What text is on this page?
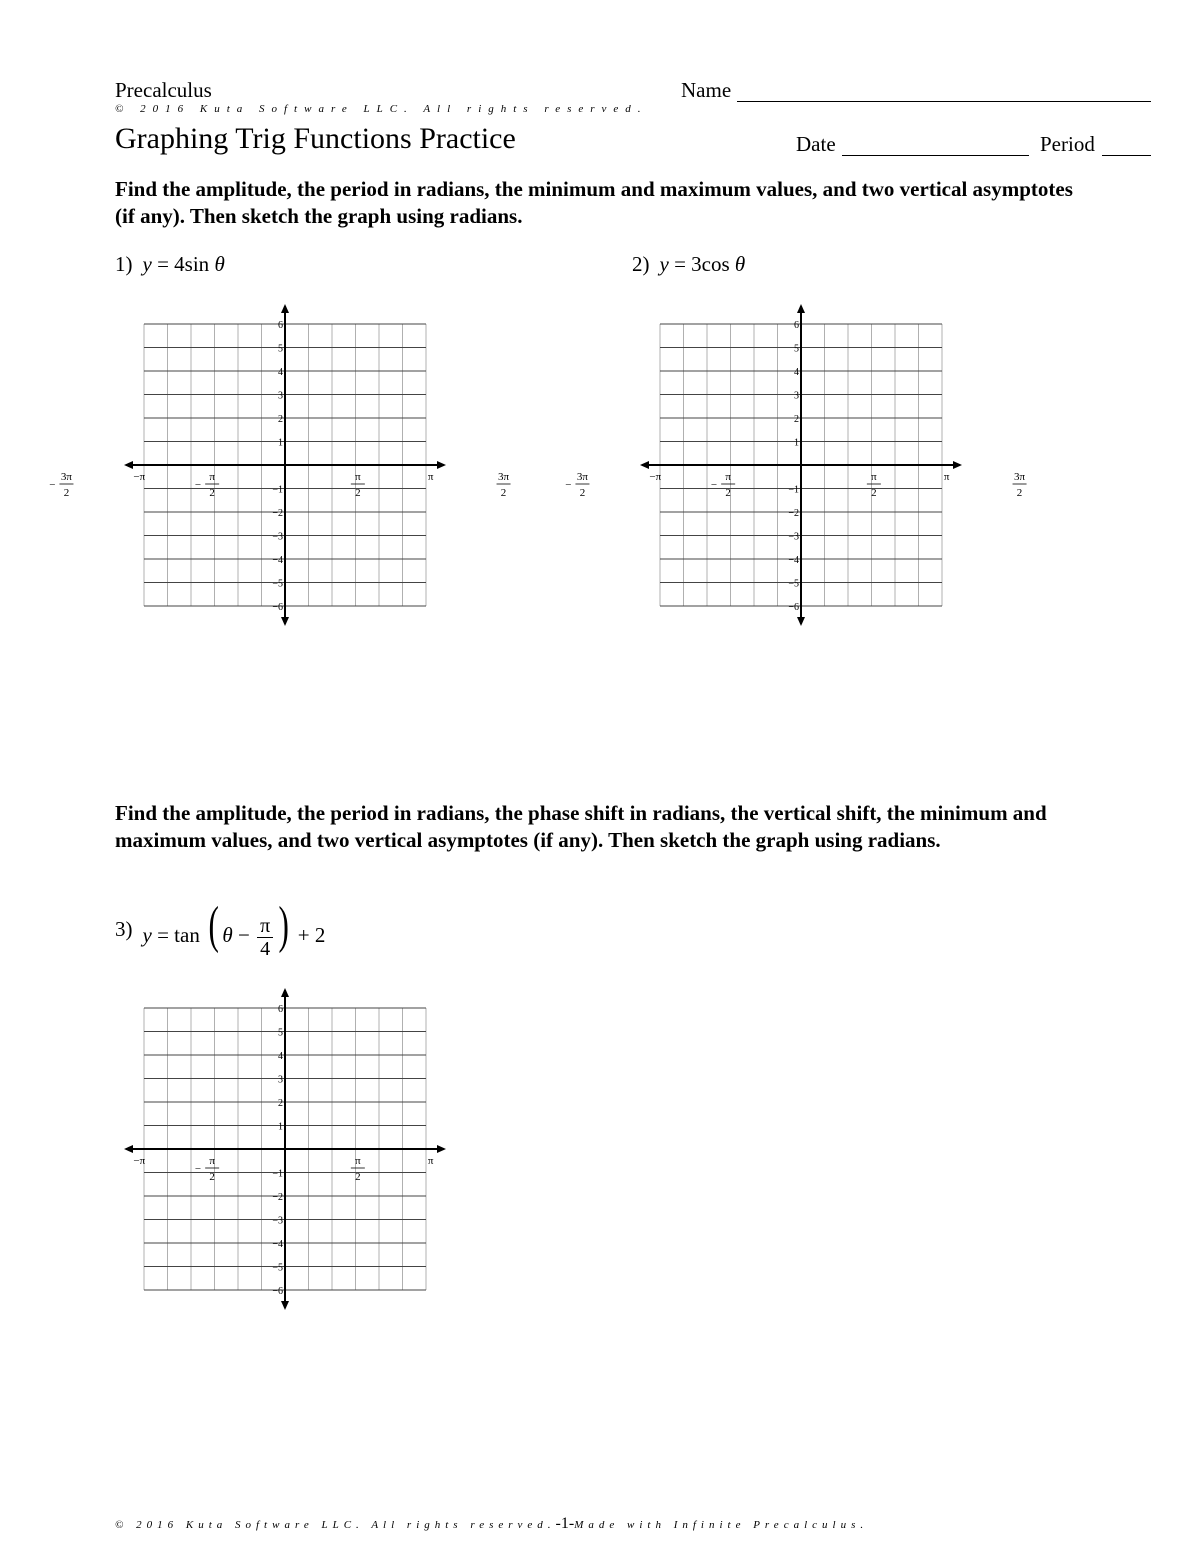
Precalculus
© 2016 Kuta Software LLC. All rights reserved.
Graphing Trig Functions Practice
Name
Date	Period
Find the amplitude, the period in radians, the minimum and maximum values, and two vertical asymptotes (if any). Then sketch the graph using radians.
1) y = 4sin θ	2) y = 3cos θ
6
5
4
3
2
1
−1
−2
−3
−4
−5
−6
3π
2
−
−π	π
2
−
π
2
π	3π
2
6
5
4
3
2
1
−1
−2
−3
−4
−5
−6
3π
2
−
−π	π
2
−
π
2
π	3π
2
Find the amplitude, the period in radians, the phase shift in radians, the vertical shift, the minimum and maximum values, and two vertical asymptotes (if any). Then sketch the graph using radians.
3) y = tan ( $\theta - \frac{\pi}{4}$ ) + 2
6
5
4
3
2
1
−1
−2
−3
−4
−5
−6
−π	π
2
−
π
2
π
© 2016 Kuta Software LLC. All rights reserved.-1-Made with Infinite Precalculus.
